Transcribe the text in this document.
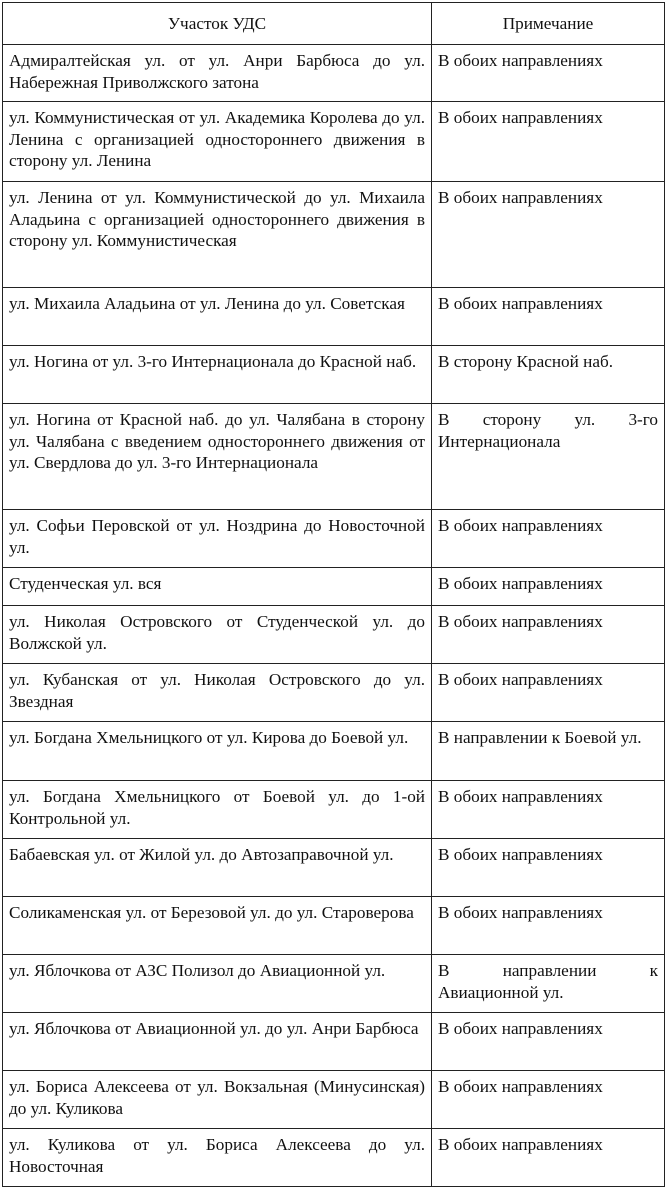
Участок УДС	Примечание
Адмиралтейская ул. от ул. Анри Барбюса до ул. Набережная Приволжского затона	В обоих направлениях
ул. Коммунистическая от ул. Академика Королева до ул. Ленина с организацией одностороннего движения в сторону ул. Ленина	В обоих направлениях
ул. Ленина от ул. Коммунистической до ул. Михаила Аладьина с организацией одностороннего движения в сторону ул. Коммунистическая	В обоих направлениях
ул. Михаила Аладьина от ул. Ленина до ул. Советская	В обоих направлениях
ул. Ногина от ул. 3-го Интернационала до Красной наб.	В сторону Красной наб.
ул. Ногина от Красной наб. до ул. Чалябана в сторону ул. Чалябана с введением одностороннего движения от ул. Свердлова до ул. 3-го Интернационала	В сторону ул. 3-го Интернационала
ул. Софьи Перовской от ул. Ноздрина до Новосточной ул.	В обоих направлениях
Студенческая ул. вся	В обоих направлениях
ул. Николая Островского от Студенческой ул. до Волжской ул.	В обоих направлениях
ул. Кубанская от ул. Николая Островского до ул. Звездная	В обоих направлениях
ул. Богдана Хмельницкого от ул. Кирова до Боевой ул.	В направлении к Боевой ул.
ул. Богдана Хмельницкого от Боевой ул. до 1-ой Контрольной ул.	В обоих направлениях
Бабаевская ул. от Жилой ул. до Автозаправочной ул.	В обоих направлениях
Соликаменская ул. от Березовой ул. до ул. Староверова	В обоих направлениях
ул. Яблочкова от АЗС Полизол до Авиационной ул.	В направлении к Авиационной ул.
ул. Яблочкова от Авиационной ул. до ул. Анри Барбюса	В обоих направлениях
ул. Бориса Алексеева от ул. Вокзальная (Минусинская) до ул. Куликова	В обоих направлениях
ул. Куликова от ул. Бориса Алексеева до ул. Новосточная	В обоих направлениях
